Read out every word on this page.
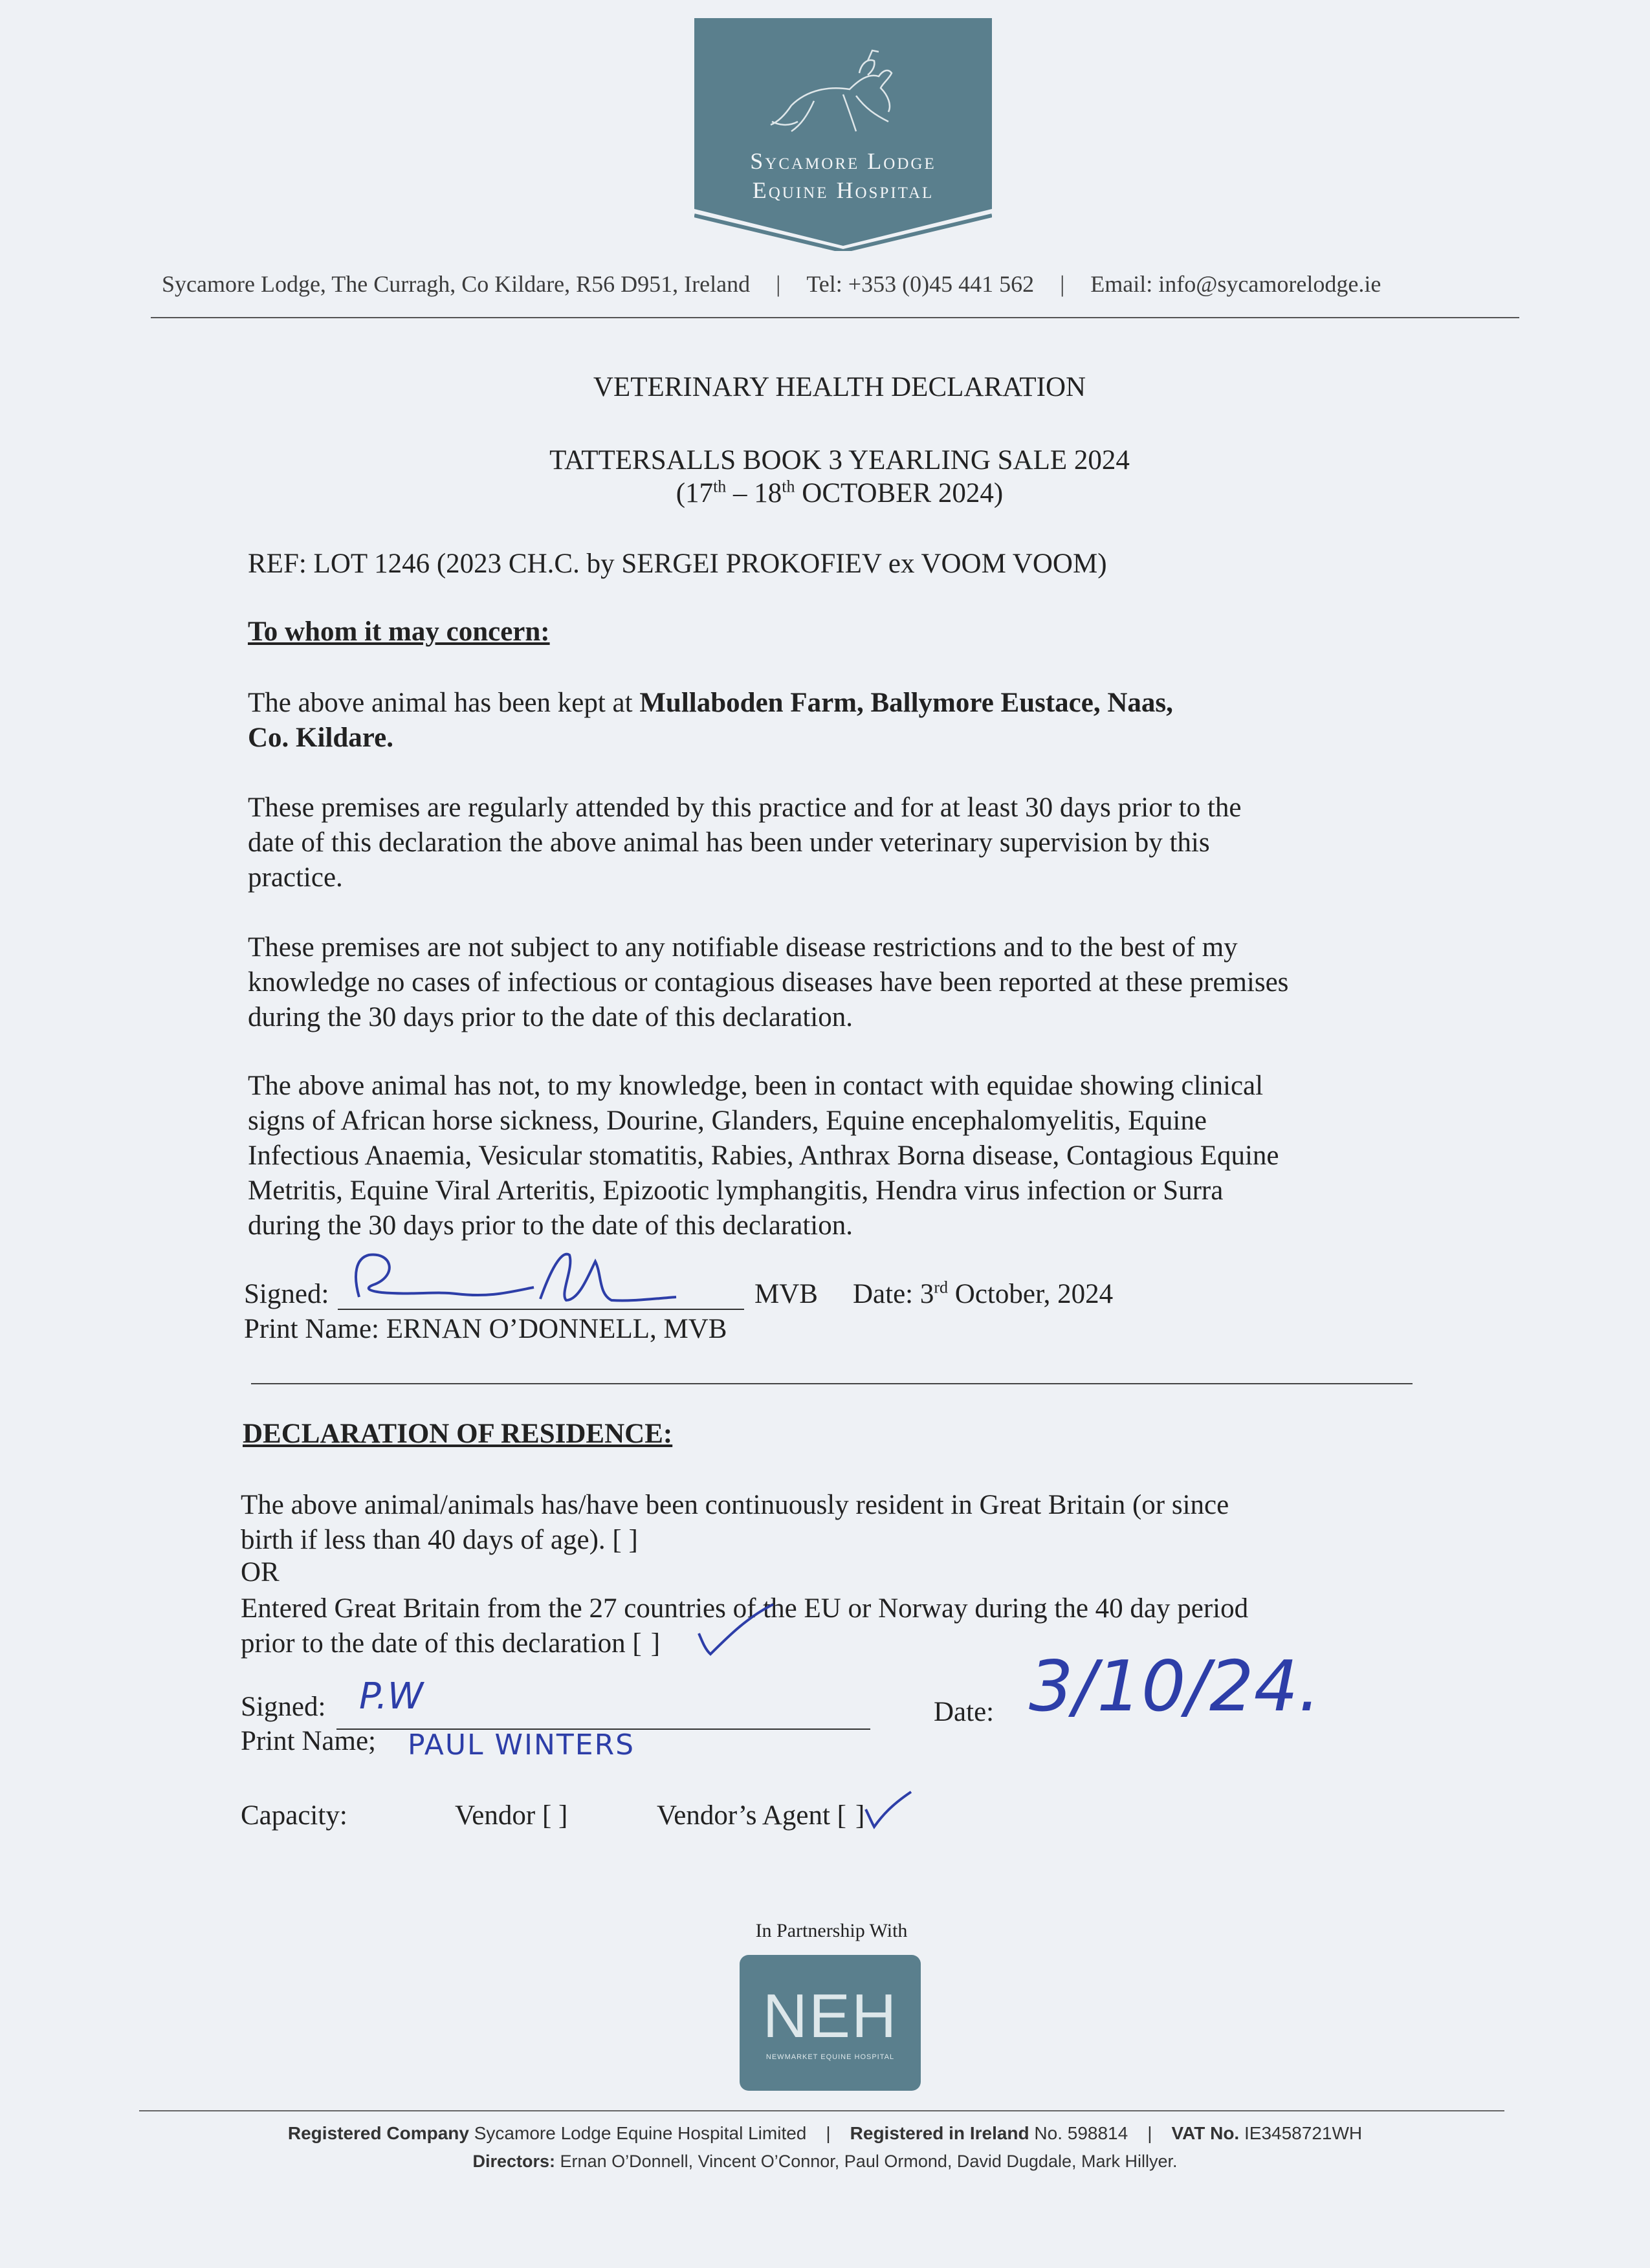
Sycamore Lodge
Equine Hospital
Sycamore Lodge, The Curragh, Co Kildare, R56 D951, Ireland | Tel: +353 (0)45 441 562 | Email: info@sycamorelodge.ie
VETERINARY HEALTH DECLARATION
TATTERSALLS BOOK 3 YEARLING SALE 2024
(17th – 18th OCTOBER 2024)
REF: LOT 1246 (2023 CH.C. by SERGEI PROKOFIEV ex VOOM VOOM)
To whom it may concern:
The above animal has been kept at Mullaboden Farm, Ballymore Eustace, Naas,
Co. Kildare.
These premises are regularly attended by this practice and for at least 30 days prior to the
date of this declaration the above animal has been under veterinary supervision by this
practice.
These premises are not subject to any notifiable disease restrictions and to the best of my
knowledge no cases of infectious or contagious diseases have been reported at these premises
during the 30 days prior to the date of this declaration.
The above animal has not, to my knowledge, been in contact with equidae showing clinical
signs of African horse sickness, Dourine, Glanders, Equine encephalomyelitis, Equine
Infectious Anaemia, Vesicular stomatitis, Rabies, Anthrax Borna disease, Contagious Equine
Metritis, Equine Viral Arteritis, Epizootic lymphangitis, Hendra virus infection or Surra
during the 30 days prior to the date of this declaration.
Signed:	MVB Date: 3rd October, 2024
Print Name: ERNAN O’DONNELL, MVB
DECLARATION OF RESIDENCE:
The above animal/animals has/have been continuously resident in Great Britain (or since
birth if less than 40 days of age). [ ]
OR
Entered Great Britain from the 27 countries of the EU or Norway during the 40 day period
prior to the date of this declaration [ ]
Signed: P.W
Print Name; PAUL WINTERS
Date: 3/10/24.
Capacity:	Vendor [ ]	Vendor’s Agent [ ]
In Partnership With
NEH
NEWMARKET EQUINE HOSPITAL
Registered Company Sycamore Lodge Equine Hospital Limited | Registered in Ireland No. 598814 | VAT No. IE3458721WH
Directors: Ernan O’Donnell, Vincent O’Connor, Paul Ormond, David Dugdale, Mark Hillyer.
